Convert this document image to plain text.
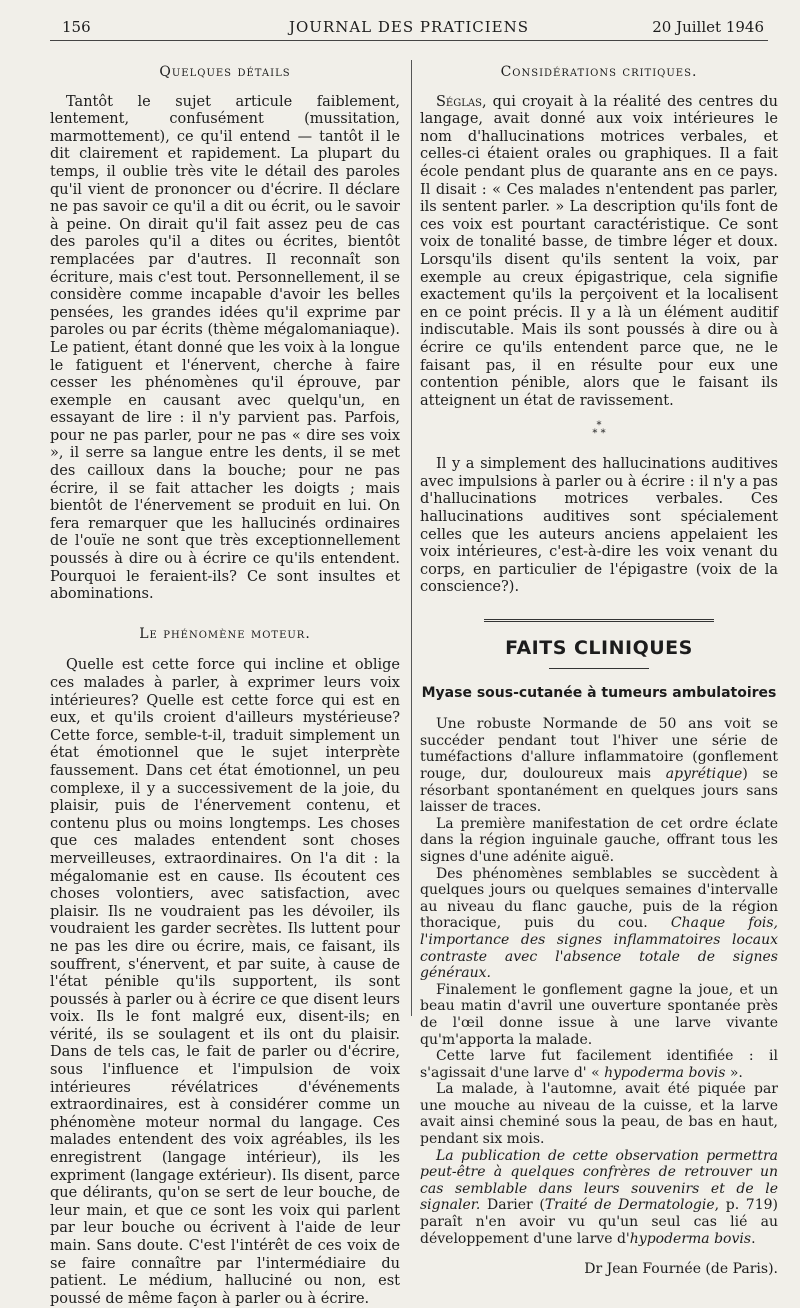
156	JOURNAL DES PRATICIENS	20 Juillet 1946
Quelques détails

Tantôt le sujet articule faiblement, lentement, confusément (mussitation, marmottement), ce qu'il entend — tantôt il le dit clairement et rapidement. La plupart du temps, il oublie très vite le détail des paroles qu'il vient de prononcer ou d'écrire. Il déclare ne pas savoir ce qu'il a dit ou écrit, ou le savoir à peine. On dirait qu'il fait assez peu de cas des paroles qu'il a dites ou écrites, bientôt remplacées par d'autres. Il reconnaît son écriture, mais c'est tout. Personnellement, il se considère comme incapable d'avoir les belles pensées, les grandes idées qu'il exprime par paroles ou par écrits (thème mégalomaniaque). Le patient, étant donné que les voix à la longue le fatiguent et l'énervent, cherche à faire cesser les phénomènes qu'il éprouve, par exemple en causant avec quelqu'un, en essayant de lire : il n'y parvient pas. Parfois, pour ne pas parler, pour ne pas « dire ses voix », il serre sa langue entre les dents, il se met des cailloux dans la bouche; pour ne pas écrire, il se fait attacher les doigts ; mais bientôt de l'énervement se produit en lui. On fera remarquer que les hallucinés ordinaires de l'ouïe ne sont que très exceptionnellement poussés à dire ou à écrire ce qu'ils entendent. Pourquoi le feraient-ils? Ce sont insultes et abominations.

Le phénomène moteur.

Quelle est cette force qui incline et oblige ces malades à parler, à exprimer leurs voix intérieures? Quelle est cette force qui est en eux, et qu'ils croient d'ailleurs mystérieuse? Cette force, semble-t-il, traduit simplement un état émotionnel que le sujet interprète faussement. Dans cet état émotionnel, un peu complexe, il y a successivement de la joie, du plaisir, puis de l'énervement contenu, et contenu plus ou moins longtemps. Les choses que ces malades entendent sont choses merveilleuses, extraordinaires. On l'a dit : la mégalomanie est en cause. Ils écoutent ces choses volontiers, avec satisfaction, avec plaisir. Ils ne voudraient pas les dévoiler, ils voudraient les garder secrètes. Ils luttent pour ne pas les dire ou écrire, mais, ce faisant, ils souffrent, s'énervent, et par suite, à cause de l'état pénible qu'ils supportent, ils sont poussés à parler ou à écrire ce que disent leurs voix. Ils le font malgré eux, disent-ils; en vérité, ils se soulagent et ils ont du plaisir. Dans de tels cas, le fait de parler ou d'écrire, sous l'influence et l'impulsion de voix intérieures révélatrices d'événements extraordinaires, est à considérer comme un phénomène moteur normal du langage. Ces malades entendent des voix agréables, ils les enregistrent (langage intérieur), ils les expriment (langage extérieur). Ils disent, parce que délirants, qu'on se sert de leur bouche, de leur main, et que ce sont les voix qui parlent par leur bouche ou écrivent à l'aide de leur main. Sans doute. C'est l'intérêt de ces voix de se faire connaître par l'intermédiaire du patient. Le médium, halluciné ou non, est poussé de même façon à parler ou à écrire.

Considérations critiques.

Séglas, qui croyait à la réalité des centres du langage, avait donné aux voix intérieures le nom d'hallucinations motrices verbales, et celles-ci étaient orales ou graphiques. Il a fait école pendant plus de quarante ans en ce pays. Il disait : « Ces malades n'entendent pas parler, ils sentent parler. » La description qu'ils font de ces voix est pourtant caractéristique. Ce sont voix de tonalité basse, de timbre léger et doux. Lorsqu'ils disent qu'ils sentent la voix, par exemple au creux épigastrique, cela signifie exactement qu'ils la perçoivent et la localisent en ce point précis. Il y a là un élément auditif indiscutable. Mais ils sont poussés à dire ou à écrire ce qu'ils entendent parce que, ne le faisant pas, il en résulte pour eux une contention pénible, alors que le faisant ils atteignent un état de ravissement.

*
* *

Il y a simplement des hallucinations auditives avec impulsions à parler ou à écrire : il n'y a pas d'hallucinations motrices verbales. Ces hallucinations auditives sont spécialement celles que les auteurs anciens appelaient les voix intérieures, c'est-à-dire les voix venant du corps, en particulier de l'épigastre (voix de la conscience?).

FAITS CLINIQUES
Myase sous-cutanée à tumeurs ambulatoires

Une robuste Normande de 50 ans voit se succéder pendant tout l'hiver une série de tuméfactions d'allure inflammatoire (gonflement rouge, dur, douloureux mais apyrétique) se résorbant spontanément en quelques jours sans laisser de traces.

La première manifestation de cet ordre éclate dans la région inguinale gauche, offrant tous les signes d'une adénite aiguë.

Des phénomènes semblables se succèdent à quelques jours ou quelques semaines d'intervalle au niveau du flanc gauche, puis de la région thoracique, puis du cou. Chaque fois, l'importance des signes inflammatoires locaux contraste avec l'absence totale de signes généraux.

Finalement le gonflement gagne la joue, et un beau matin d'avril une ouverture spontanée près de l'œil donne issue à une larve vivante qu'm'apporta la malade.

Cette larve fut facilement identifiée : il s'agissait d'une larve d' « hypoderma bovis ».

La malade, à l'automne, avait été piquée par une mouche au niveau de la cuisse, et la larve avait ainsi cheminé sous la peau, de bas en haut, pendant six mois.

La publication de cette observation permettra peut-être à quelques confrères de retrouver un cas semblable dans leurs souvenirs et de le signaler. Darier (Traité de Dermatologie, p. 719) paraît n'en avoir vu qu'un seul cas lié au développement d'une larve d'hypoderma bovis.

Dr Jean Fournée (de Paris).
